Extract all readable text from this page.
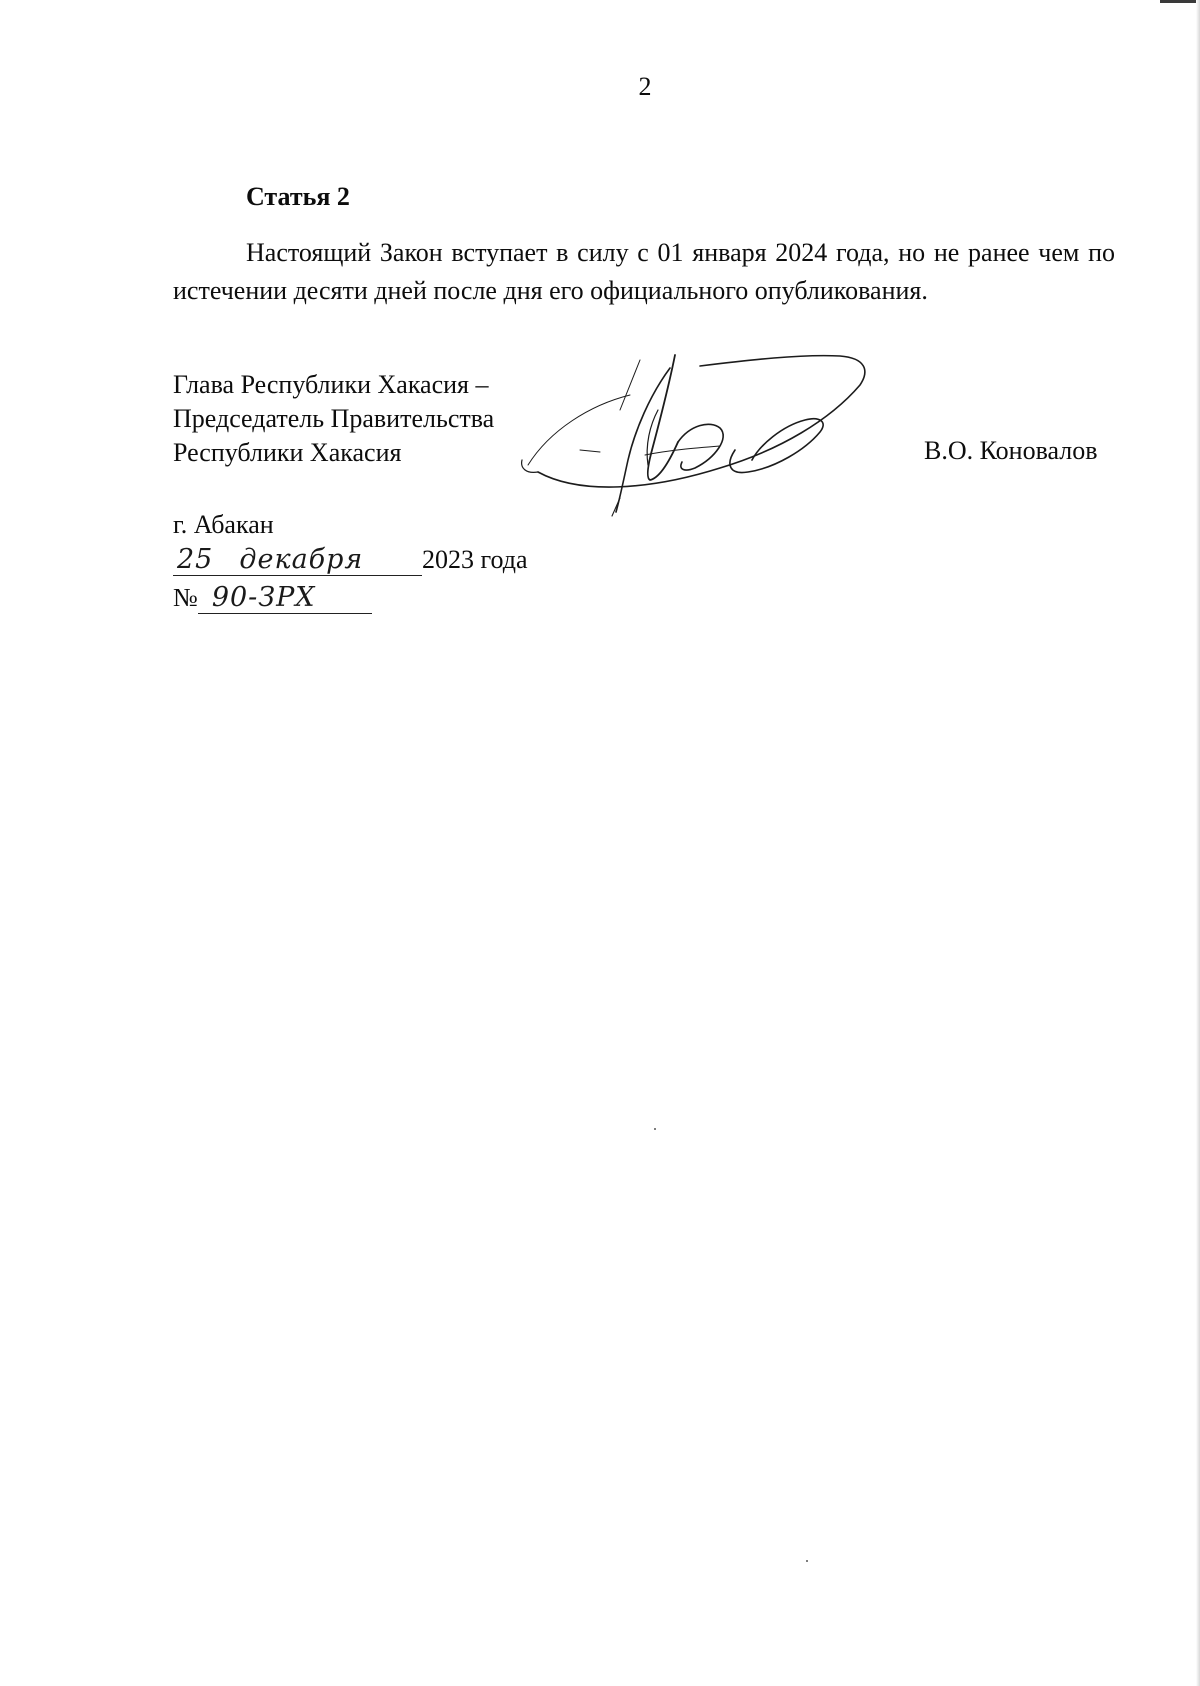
2
Статья 2
Настоящий Закон вступает в силу с 01 января 2024 года, но не ранее чем по истечении десяти дней после дня его официального опубликования.
Глава Республики Хакасия –
Председатель Правительства
Республики Хакасия	В.О. Коновалов
г. Абакан
25 декабря 2023 года
№ 90-ЗРХ
